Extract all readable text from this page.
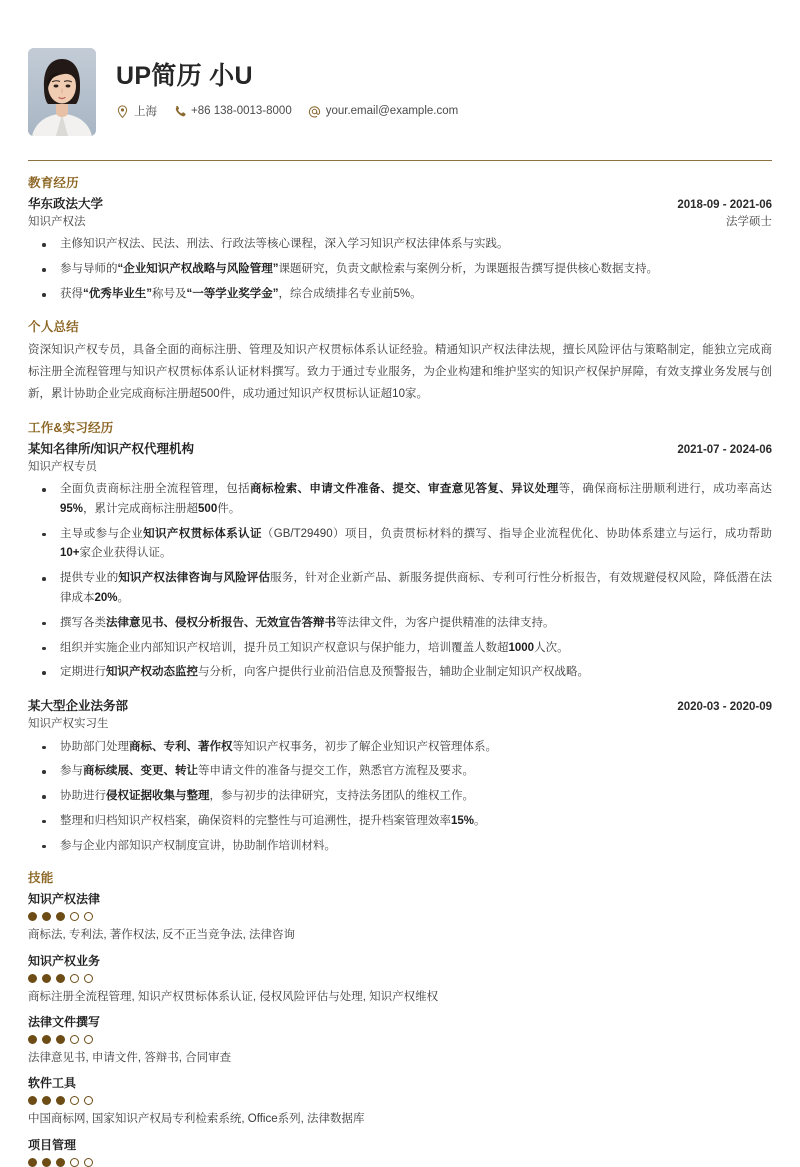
UP简历 小U
上海	+86 138-0013-8000	your.email@example.com
教育经历
华东政法大学	2018-09 - 2021-06
知识产权法	法学硕士
主修知识产权法、民法、刑法、行政法等核心课程，深入学习知识产权法律体系与实践。
参与导师的“企业知识产权战略与风险管理”课题研究，负责文献检索与案例分析，为课题报告撰写提供核心数据支持。
获得“优秀毕业生”称号及“一等学业奖学金”，综合成绩排名专业前5%。
个人总结

资深知识产权专员，具备全面的商标注册、管理及知识产权贯标体系认证经验。精通知识产权法律法规，擅长风险评估与策略制定，能独立完成商标注册全流程管理与知识产权贯标体系认证材料撰写。致力于通过专业服务，为企业构建和维护坚实的知识产权保护屏障，有效支撑业务发展与创新，累计协助企业完成商标注册超500件，成功通过知识产权贯标认证超10家。

工作&实习经历
某知名律所/知识产权代理机构	2021-07 - 2024-06
知识产权专员
全面负责商标注册全流程管理，包括商标检索、申请文件准备、提交、审查意见答复、异议处理等，确保商标注册顺利进行，成功率高达95%，累计完成商标注册超500件。
主导或参与企业知识产权贯标体系认证（GB/T29490）项目，负责贯标材料的撰写、指导企业流程优化、协助体系建立与运行，成功帮助10+家企业获得认证。
提供专业的知识产权法律咨询与风险评估服务，针对企业新产品、新服务提供商标、专利可行性分析报告，有效规避侵权风险，降低潜在法律成本20%。
撰写各类法律意见书、侵权分析报告、无效宣告答辩书等法律文件，为客户提供精准的法律支持。
组织并实施企业内部知识产权培训，提升员工知识产权意识与保护能力，培训覆盖人数超1000人次。
定期进行知识产权动态监控与分析，向客户提供行业前沿信息及预警报告，辅助企业制定知识产权战略。
某大型企业法务部	2020-03 - 2020-09
知识产权实习生
协助部门处理商标、专利、著作权等知识产权事务，初步了解企业知识产权管理体系。
参与商标续展、变更、转让等申请文件的准备与提交工作，熟悉官方流程及要求。
协助进行侵权证据收集与整理，参与初步的法律研究，支持法务团队的维权工作。
整理和归档知识产权档案，确保资料的完整性与可追溯性，提升档案管理效率15%。
参与企业内部知识产权制度宣讲，协助制作培训材料。
技能
知识产权法律
商标法, 专利法, 著作权法, 反不正当竞争法, 法律咨询
知识产权业务
商标注册全流程管理, 知识产权贯标体系认证, 侵权风险评估与处理, 知识产权维权
法律文件撰写
法律意见书, 申请文件, 答辩书, 合同审查
软件工具
中国商标网, 国家知识产权局专利检索系统, Office系列, 法律数据库
项目管理
